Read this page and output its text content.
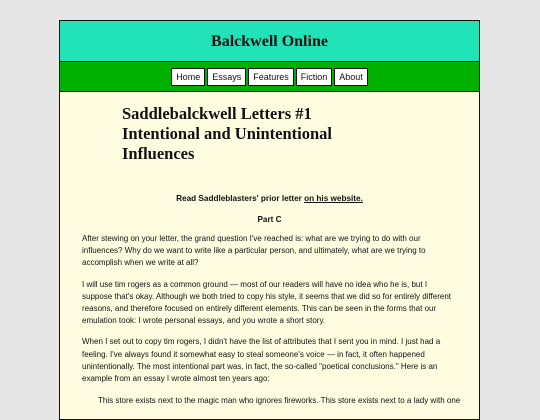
Balckwell Online
Home	Essays	Features	Fiction	About
Saddlebalckwell Letters #1
Intentional and Unintentional
Influences
Read Saddleblasters' prior letter on his website.
Part C

After stewing on your letter, the grand question I've reached is: what are we trying to do with our influences? Why do we want to write like a particular person, and ultimately, what are we trying to accomplish when we write at all?

I will use tim rogers as a common ground — most of our readers will have no idea who he is, but I suppose that's okay. Although we both tried to copy his style, it seems that we did so for entirely different reasons, and therefore focused on entirely different elements. This can be seen in the forms that our emulation took: I wrote personal essays, and you wrote a short story.

When I set out to copy tim rogers, I didn't have the list of attributes that I sent you in mind. I just had a feeling. I've always found it somewhat easy to steal someone's voice — in fact, it often happened unintentionally. The most intentional part was, in fact, the so-called "poetical conclusions." Here is an example from an essay I wrote almost ten years ago:

This store exists next to the magic man who ignores fireworks. This store exists next to a lady with one
